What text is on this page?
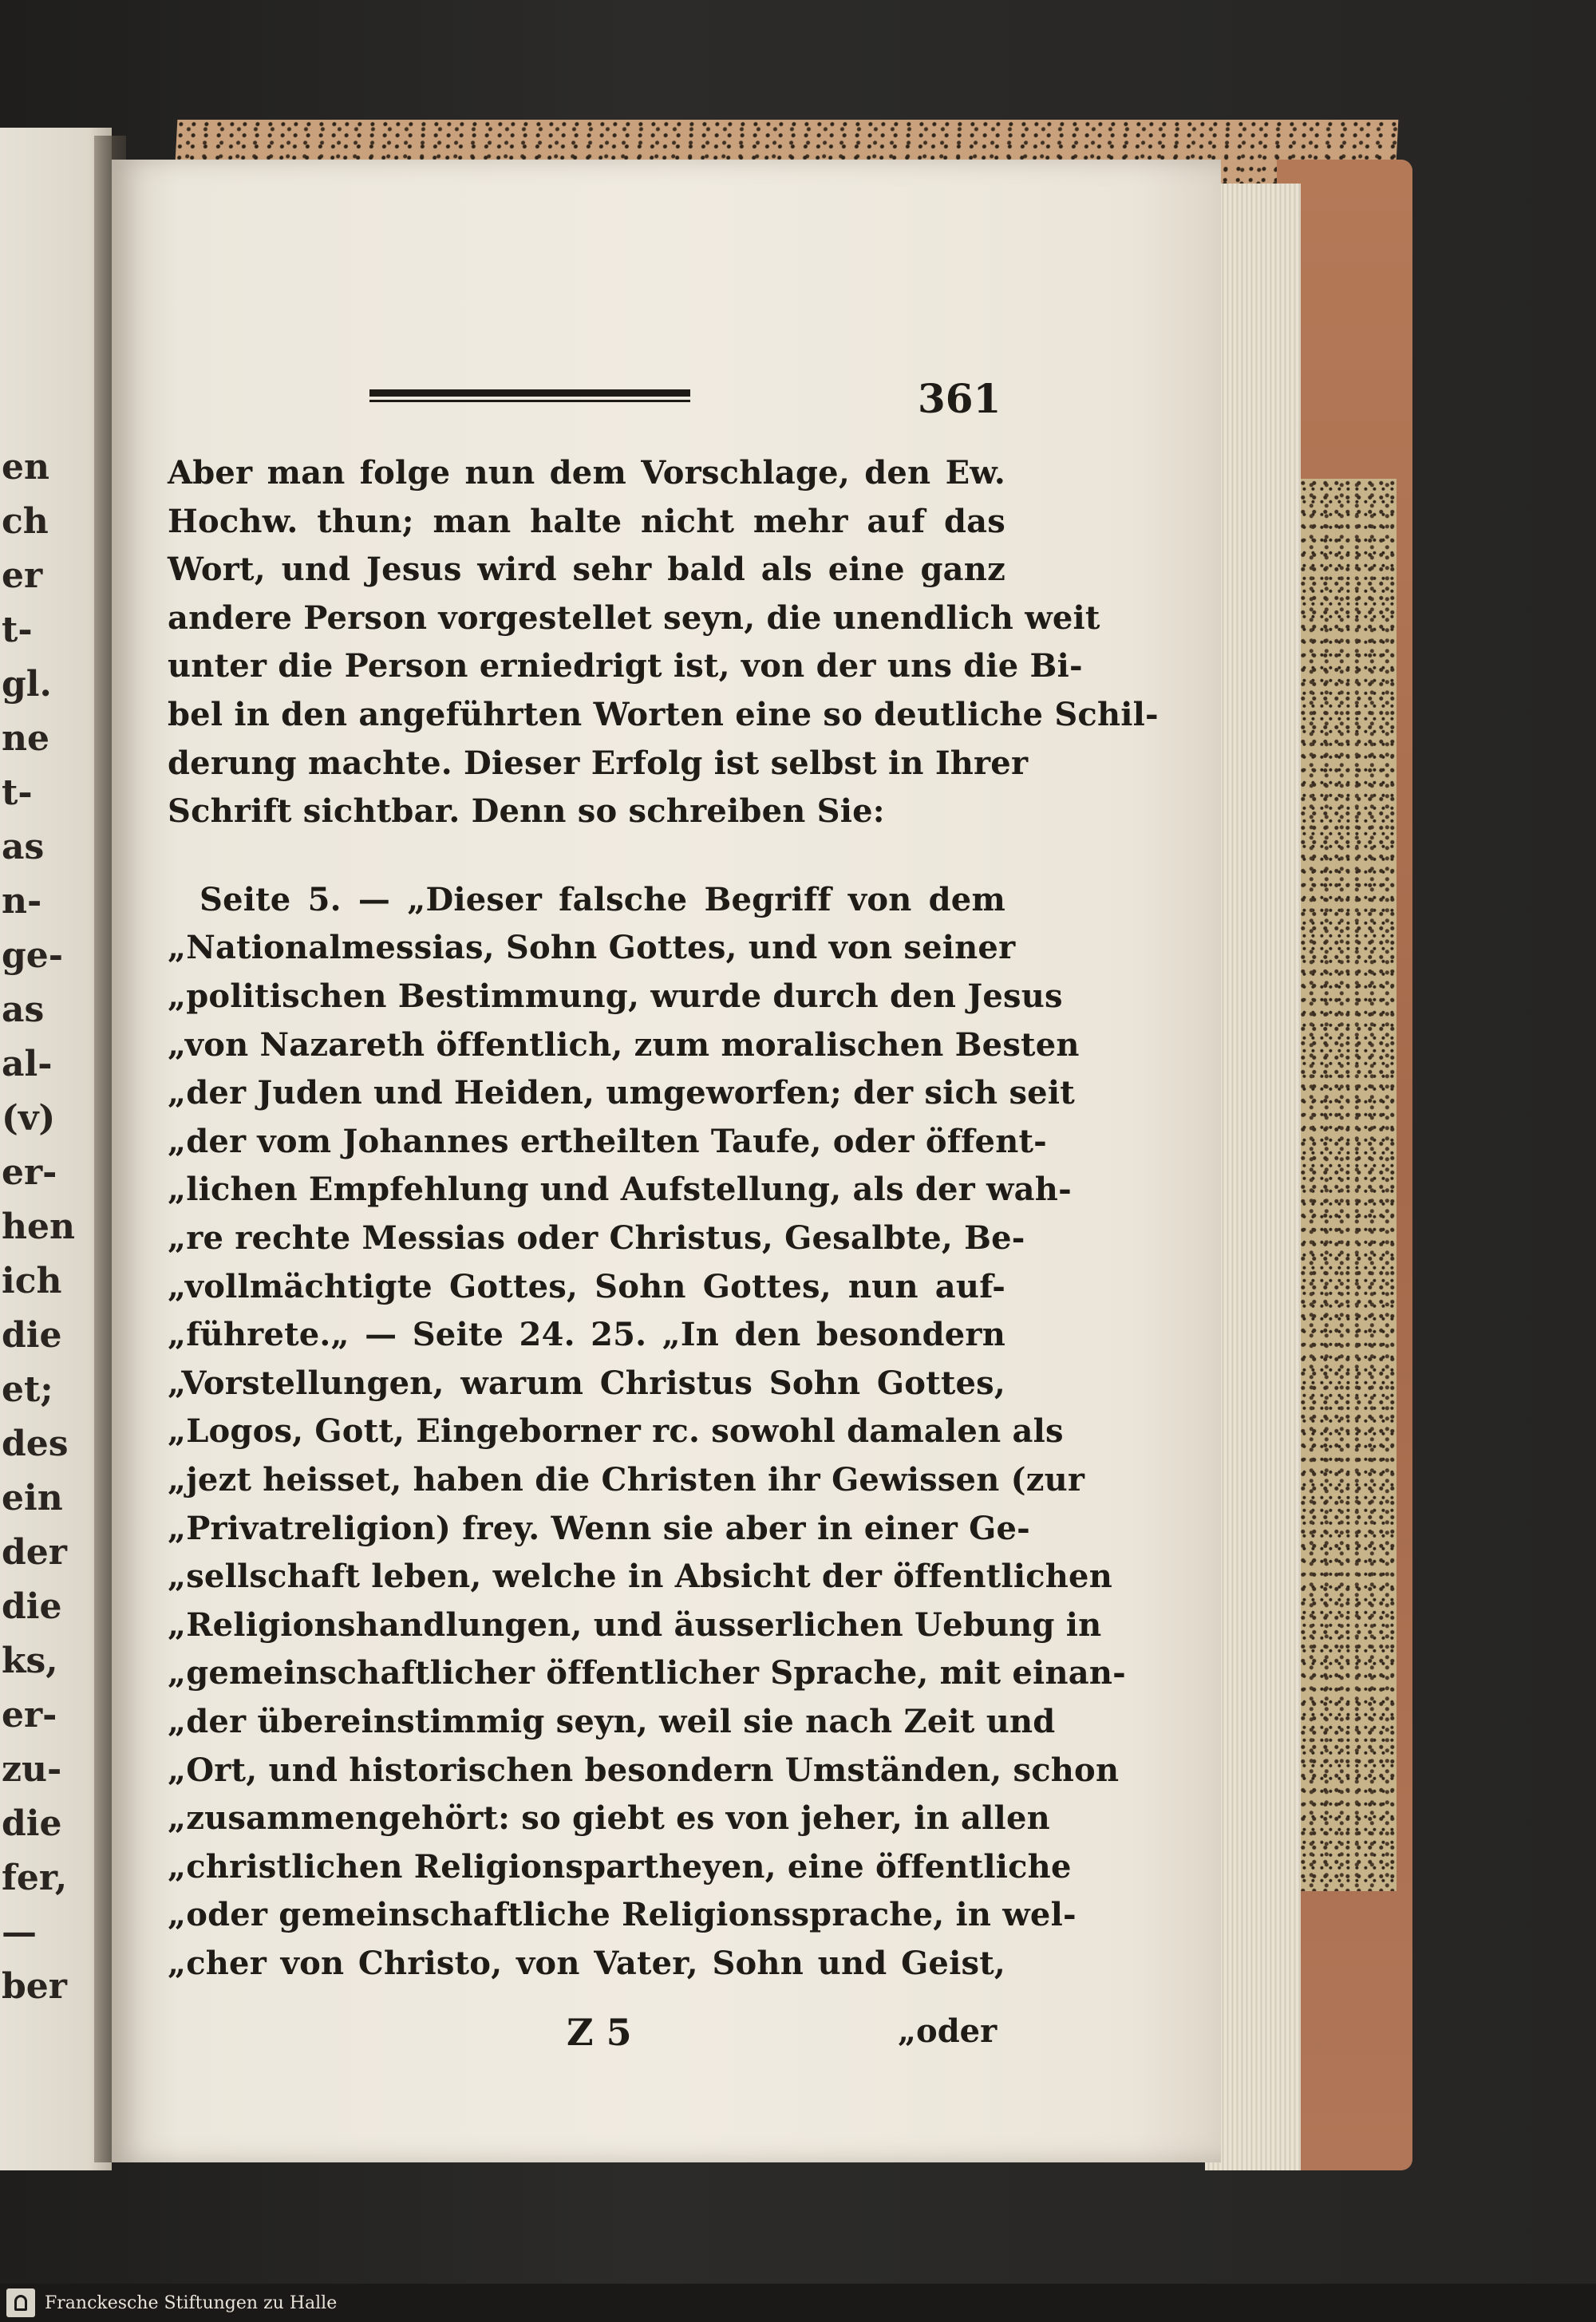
361
Aber man folge nun dem Vorschlage, den Ew.
Hochw. thun; man halte nicht mehr auf das
Wort, und Jesus wird sehr bald als eine ganz
andere Person vorgestellet seyn, die unendlich weit
unter die Person erniedrigt ist, von der uns die Bi-
bel in den angeführten Worten eine so deutliche Schil-
derung machte. Dieser Erfolg ist selbst in Ihrer
Schrift sichtbar. Denn so schreiben Sie:
Seite 5. — „Dieser falsche Begriff von dem
„Nationalmessias, Sohn Gottes, und von seiner
„politischen Bestimmung, wurde durch den Jesus
„von Nazareth öffentlich, zum moralischen Besten
„der Juden und Heiden, umgeworfen; der sich seit
„der vom Johannes ertheilten Taufe, oder öffent-
„lichen Empfehlung und Aufstellung, als der wah-
„re rechte Messias oder Christus, Gesalbte, Be-
„vollmächtigte Gottes, Sohn Gottes, nun auf-
„führete.„ — Seite 24. 25. „In den besondern
„Vorstellungen, warum Christus Sohn Gottes,
„Logos, Gott, Eingeborner rc. sowohl damalen als
„jezt heisset, haben die Christen ihr Gewissen (zur
„Privatreligion) frey. Wenn sie aber in einer Ge-
„sellschaft leben, welche in Absicht der öffentlichen
„Religionshandlungen, und äusserlichen Uebung in
„gemeinschaftlicher öffentlicher Sprache, mit einan-
„der übereinstimmig seyn, weil sie nach Zeit und
„Ort, und historischen besondern Umständen, schon
„zusammengehört: so giebt es von jeher, in allen
„christlichen Religionspartheyen, eine öffentliche
„oder gemeinschaftliche Religionssprache, in wel-
„cher von Christo, von Vater, Sohn und Geist,
Z 5	„oder
en
ch
er
t-
gl.
ne
t-
as
n-
ge-
as
al-
(v)
er-
hen
ich
die
et;
des
ein
der
die
ks,
er-
zu-
die
fer,
—
ber
Franckesche Stiftungen zu Halle
